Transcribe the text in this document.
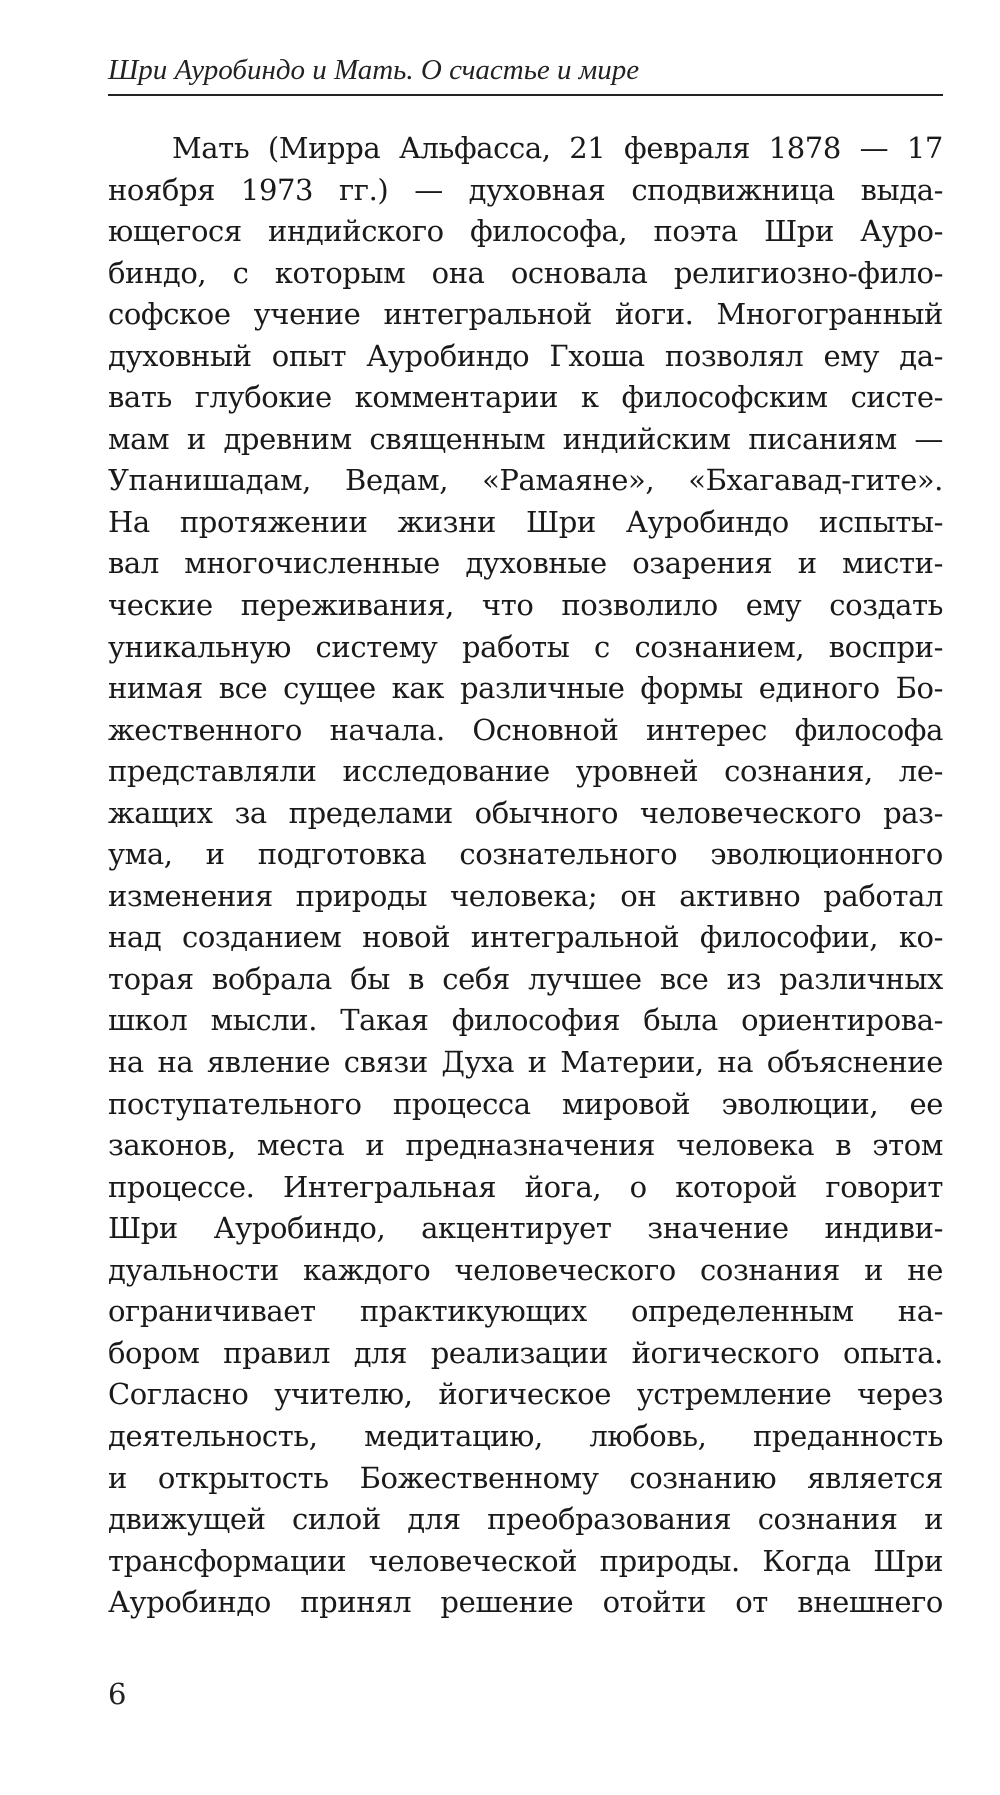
Шри Ауробиндо и Мать. О счастье и мире
Мать (Мирра Альфасса, 21 февраля 1878 — 17
ноября 1973 гг.) — духовная сподвижница выда-
ющегося индийского философа, поэта Шри Ауро-
биндо, с которым она основала религиозно-фило-
софское учение интегральной йоги. Многогранный
духовный опыт Ауробиндо Гхоша позволял ему да-
вать глубокие комментарии к философским систе-
мам и древним священным индийским писаниям —
Упанишадам, Ведам, «Рамаяне», «Бхагавад-гите».
На протяжении жизни Шри Ауробиндо испыты-
вал многочисленные духовные озарения и мисти-
ческие переживания, что позволило ему создать
уникальную систему работы с сознанием, воспри-
нимая все сущее как различные формы единого Бо-
жественного начала. Основной интерес философа
представляли исследование уровней сознания, ле-
жащих за пределами обычного человеческого раз-
ума, и подготовка сознательного эволюционного
изменения природы человека; он активно работал
над созданием новой интегральной философии, ко-
торая вобрала бы в себя лучшее все из различных
школ мысли. Такая философия была ориентирова-
на на явление связи Духа и Материи, на объяснение
поступательного процесса мировой эволюции, ее
законов, места и предназначения человека в этом
процессе. Интегральная йога, о которой говорит
Шри Ауробиндо, акцентирует значение индиви-
дуальности каждого человеческого сознания и не
ограничивает практикующих определенным на-
бором правил для реализации йогического опыта.
Согласно учителю, йогическое устремление через
деятельность, медитацию, любовь, преданность
и открытость Божественному сознанию является
движущей силой для преобразования сознания и
трансформации человеческой природы. Когда Шри
Ауробиндо принял решение отойти от внешнего
6
